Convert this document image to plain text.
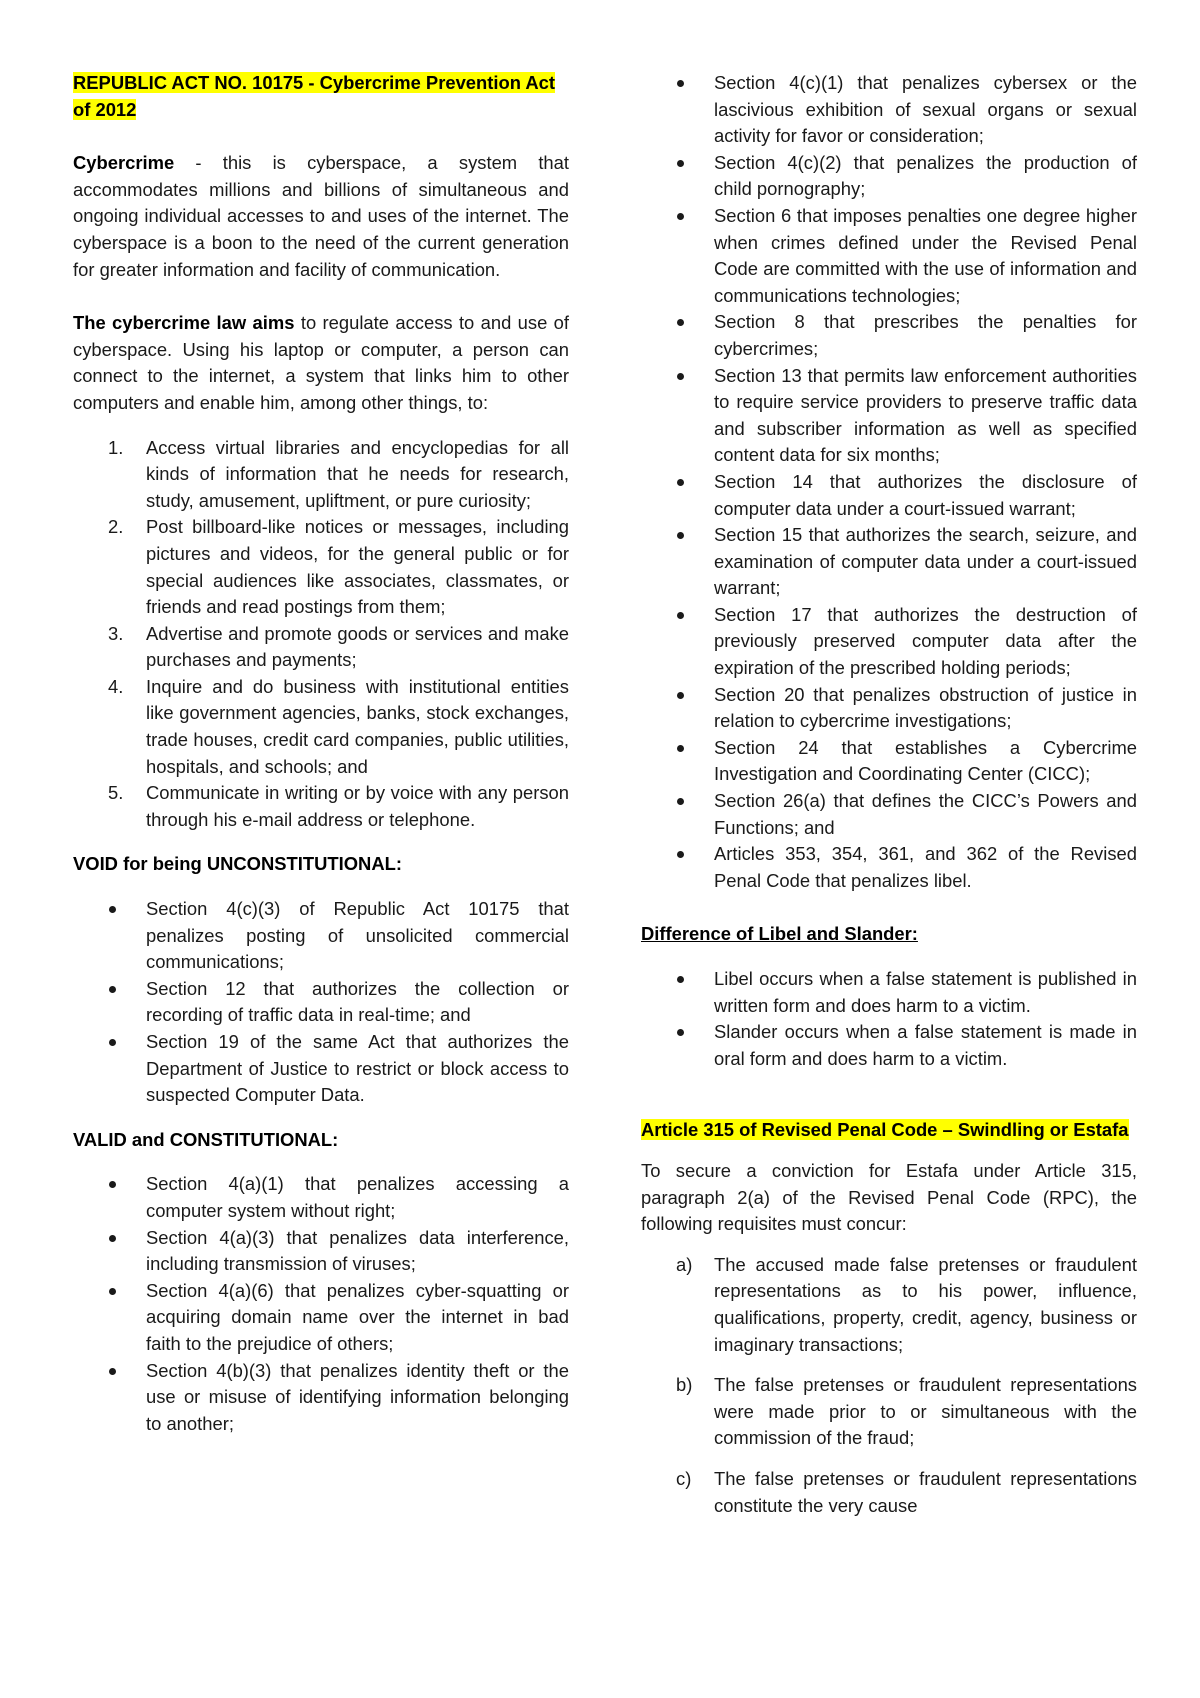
REPUBLIC ACT NO. 10175 - Cybercrime Prevention Act of 2012

Cybercrime - this is cyberspace, a system that accommodates millions and billions of simultaneous and ongoing individual accesses to and uses of the internet. The cyberspace is a boon to the need of the current generation for greater information and facility of communication.

The cybercrime law aims to regulate access to and use of cyberspace. Using his laptop or computer, a person can connect to the internet, a system that links him to other computers and enable him, among other things, to:

1.	Access virtual libraries and encyclopedias for all kinds of information that he needs for research, study, amusement, upliftment, or pure curiosity;
2.	Post billboard-like notices or messages, including pictures and videos, for the general public or for special audiences like associates, classmates, or friends and read postings from them;
3.	Advertise and promote goods or services and make purchases and payments;
4.	Inquire and do business with institutional entities like government agencies, banks, stock exchanges, trade houses, credit card companies, public utilities, hospitals, and schools; and
5.	Communicate in writing or by voice with any person through his e-mail address or telephone.

VOID for being UNCONSTITUTIONAL:

Section 4(c)(3) of Republic Act 10175 that penalizes posting of unsolicited commercial communications;
Section 12 that authorizes the collection or recording of traffic data in real-time; and
Section 19 of the same Act that authorizes the Department of Justice to restrict or block access to suspected Computer Data.

VALID and CONSTITUTIONAL:

Section 4(a)(1) that penalizes accessing a computer system without right;
Section 4(a)(3) that penalizes data interference, including transmission of viruses;
Section 4(a)(6) that penalizes cyber-squatting or acquiring domain name over the internet in bad faith to the prejudice of others;
Section 4(b)(3) that penalizes identity theft or the use or misuse of identifying information belonging to another;
Section 4(c)(1) that penalizes cybersex or the lascivious exhibition of sexual organs or sexual activity for favor or consideration;
Section 4(c)(2) that penalizes the production of child pornography;
Section 6 that imposes penalties one degree higher when crimes defined under the Revised Penal Code are committed with the use of information and communications technologies;
Section 8 that prescribes the penalties for cybercrimes;
Section 13 that permits law enforcement authorities to require service providers to preserve traffic data and subscriber information as well as specified content data for six months;
Section 14 that authorizes the disclosure of computer data under a court-issued warrant;
Section 15 that authorizes the search, seizure, and examination of computer data under a court-issued warrant;
Section 17 that authorizes the destruction of previously preserved computer data after the expiration of the prescribed holding periods;
Section 20 that penalizes obstruction of justice in relation to cybercrime investigations;
Section 24 that establishes a Cybercrime Investigation and Coordinating Center (CICC);
Section 26(a) that defines the CICC’s Powers and Functions; and
Articles 353, 354, 361, and 362 of the Revised Penal Code that penalizes libel.

Difference of Libel and Slander:

Libel occurs when a false statement is published in written form and does harm to a victim.
Slander occurs when a false statement is made in oral form and does harm to a victim.

Article 315 of Revised Penal Code – Swindling or Estafa

To secure a conviction for Estafa under Article 315, paragraph 2(a) of the Revised Penal Code (RPC), the following requisites must concur:

a)	The accused made false pretenses or fraudulent representations as to his power, influence, qualifications, property, credit, agency, business or imaginary transactions;
b)	The false pretenses or fraudulent representations were made prior to or simultaneous with the commission of the fraud;
c)	The false pretenses or fraudulent representations constitute the very cause
